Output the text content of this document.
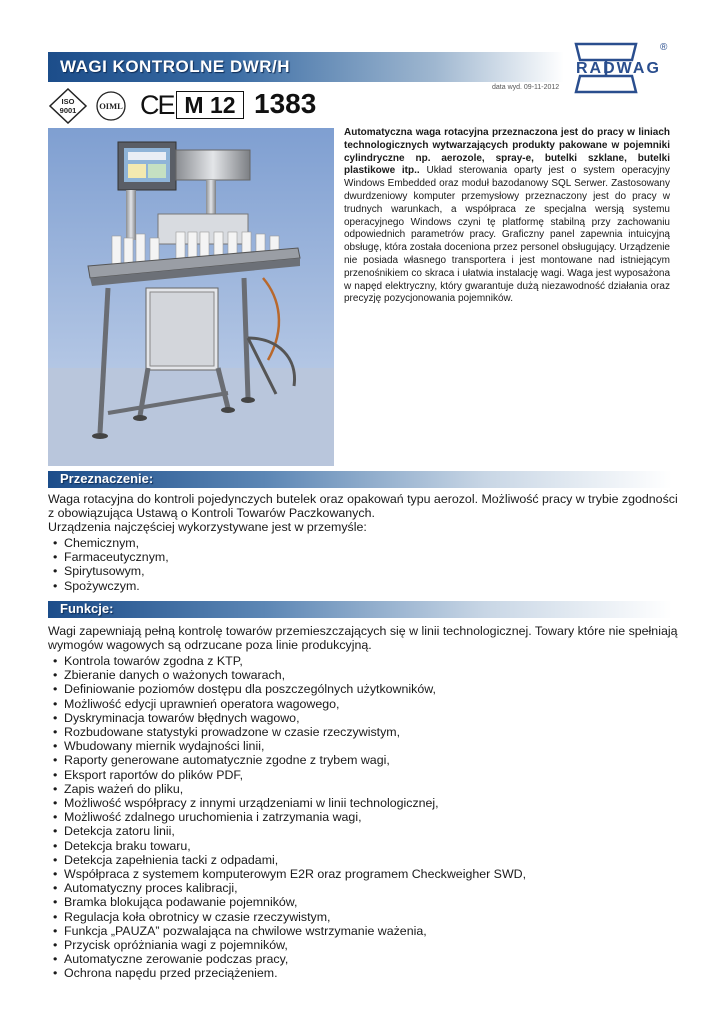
WAGI KONTROLNE DWR/H	RADWAG
®
data wyd. 09-11-2012
ISO
9001	OIML CE M 12 1383
Automatyczna waga rotacyjna przeznaczona jest do pracy w liniach technologicznych wytwarzających produkty pakowane w pojemniki cylindryczne np. aerozole, spray-e, butelki szklane, butelki plastikowe itp.. Układ sterowania oparty jest o system operacyjny Windows Embedded oraz moduł bazodanowy SQL Serwer. Zastosowany dwurdzeniowy komputer przemysłowy przeznaczony jest do pracy w trudnych warunkach, a współpraca ze specjalna wersją systemu operacyjnego Windows czyni tę platformę stabilną przy zachowaniu odpowiednich parametrów pracy. Graficzny panel zapewnia intuicyjną obsługę, która została doceniona przez personel obsługujący. Urządzenie nie posiada własnego transportera i jest montowane nad istniejącym przenośnikiem co skraca i ułatwia instalację wagi. Waga jest wyposażona w napęd elektryczny, który gwarantuje dużą niezawodność działania oraz precyzję pozycjonowania pojemników.
Przeznaczenie:
Waga rotacyjna do kontroli pojedynczych butelek oraz opakowań typu aerozol. Możliwość pracy w trybie zgodności
z obowiązująca Ustawą o Kontroli Towarów Paczkowanych.
Urządzenia najczęściej wykorzystywane jest w przemyśle:
• Chemicznym,
• Farmaceutycznym,
• Spirytusowym,
• Spożywczym.
Funkcje:
Wagi zapewniają pełną kontrolę towarów przemieszczających się w linii technologicznej. Towary które nie spełniają
wymogów wagowych są odrzucane poza linie produkcyjną.
• Kontrola towarów zgodna z KTP,
• Zbieranie danych o ważonych towarach,
• Definiowanie poziomów dostępu dla poszczególnych użytkowników,
• Możliwość edycji uprawnień operatora wagowego,
• Dyskryminacja towarów błędnych wagowo,
• Rozbudowane statystyki prowadzone w czasie rzeczywistym,
• Wbudowany miernik wydajności linii,
• Raporty generowane automatycznie zgodne z trybem wagi,
• Eksport raportów do plików PDF,
• Zapis ważeń do pliku,
• Możliwość współpracy z innymi urządzeniami w linii technologicznej,
• Możliwość zdalnego uruchomienia i zatrzymania wagi,
• Detekcja zatoru linii,
• Detekcja braku towaru,
• Detekcja zapełnienia tacki z odpadami,
• Współpraca z systemem komputerowym E2R oraz programem Checkweigher SWD,
• Automatyczny proces kalibracji,
• Bramka blokująca podawanie pojemników,
• Regulacja koła obrotnicy w czasie rzeczywistym,
• Funkcja „PAUZA” pozwalająca na chwilowe wstrzymanie ważenia,
• Przycisk opróżniania wagi z pojemników,
• Automatyczne zerowanie podczas pracy,
• Ochrona napędu przed przeciążeniem.
